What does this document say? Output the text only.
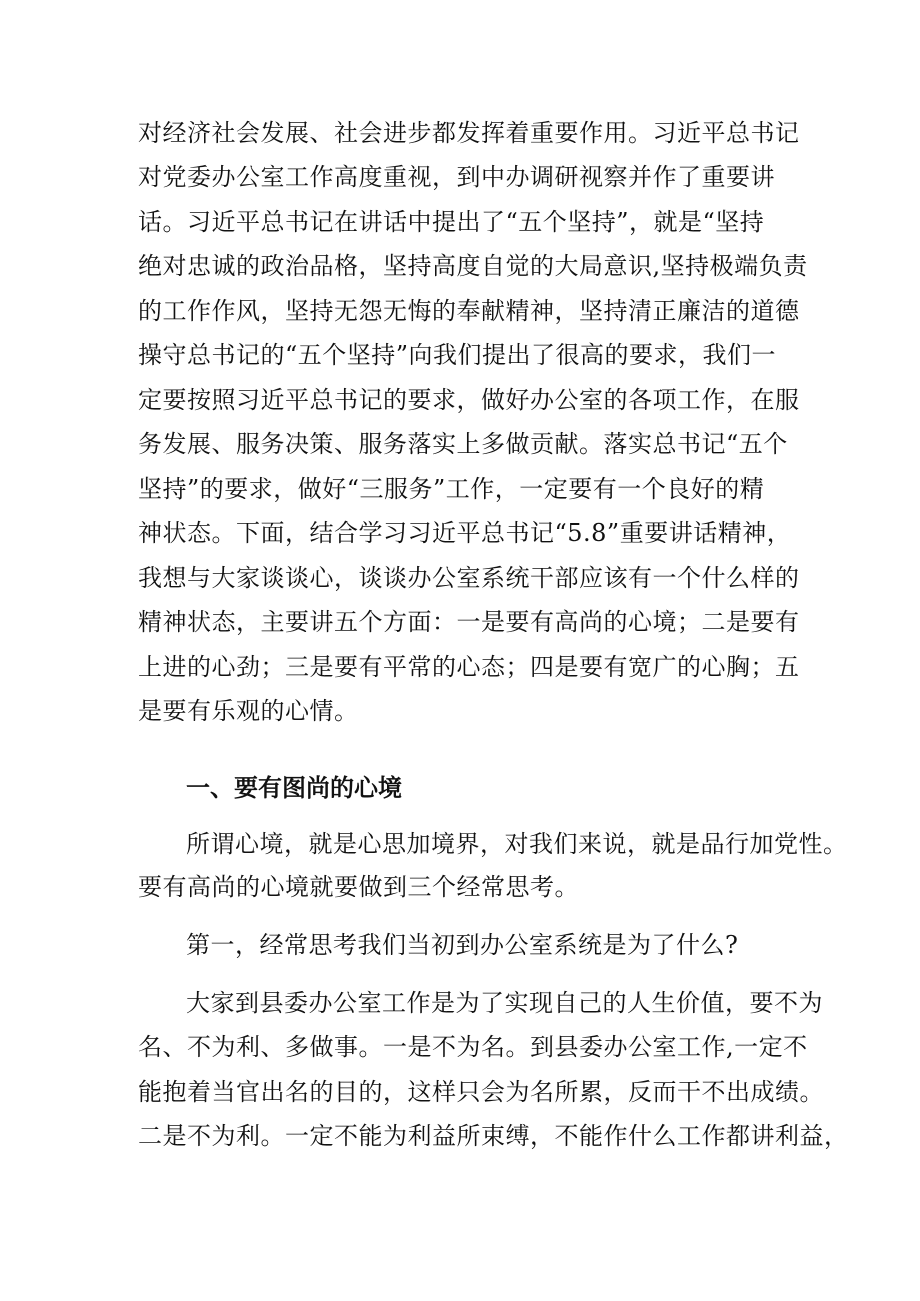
对经济社会发展、社会进步都发挥着重要作用。习近平总书记
对党委办公室工作高度重视，到中办调研视察并作了重要讲
话。习近平总书记在讲话中提出了“五个坚持”，就是“坚持
绝对忠诚的政治品格，坚持高度自觉的大局意识,坚持极端负责
的工作作风，坚持无怨无悔的奉献精神，坚持清正廉洁的道德
操守总书记的“五个坚持”向我们提出了很高的要求，我们一
定要按照习近平总书记的要求，做好办公室的各项工作，在服
务发展、服务决策、服务落实上多做贡献。落实总书记“五个
坚持”的要求，做好“三服务”工作，一定要有一个良好的精
神状态。下面，结合学习习近平总书记“5.8”重要讲话精神，
我想与大家谈谈心，谈谈办公室系统干部应该有一个什么样的
精神状态，主要讲五个方面：一是要有高尚的心境；二是要有
上进的心劲；三是要有平常的心态；四是要有宽广的心胸；五
是要有乐观的心情。
一、要有图尚的心境
所谓心境，就是心思加境界，对我们来说，就是品行加党性。
要有高尚的心境就要做到三个经常思考。
第一，经常思考我们当初到办公室系统是为了什么?
大家到县委办公室工作是为了实现自己的人生价值，要不为
名、不为利、多做事。一是不为名。到县委办公室工作,一定不
能抱着当官出名的目的，这样只会为名所累，反而干不出成绩。
二是不为利。一定不能为利益所束缚，不能作什么工作都讲利益，
